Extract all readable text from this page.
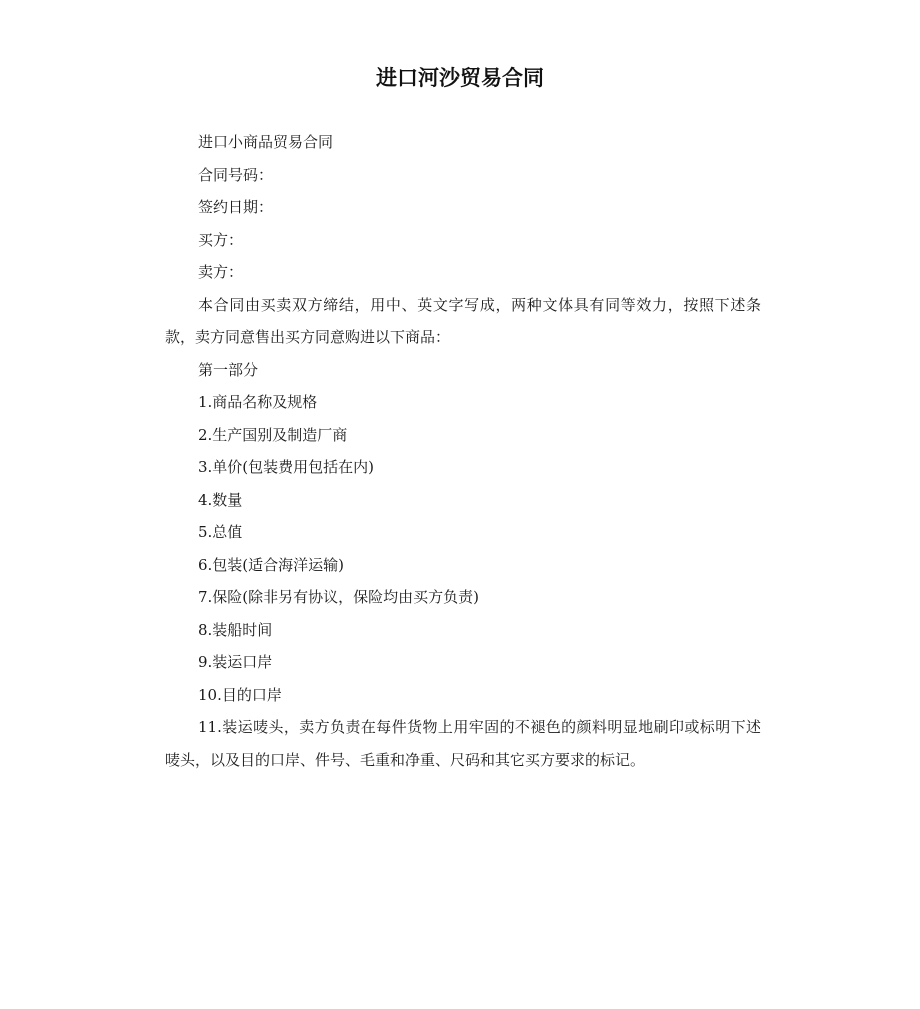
进口河沙贸易合同

进口小商品贸易合同

合同号码：

签约日期：

买方：

卖方：

本合同由买卖双方缔结，用中、英文字写成，两种文体具有同等效力，按照下述条款，卖方同意售出买方同意购进以下商品：

第一部分

1.商品名称及规格

2.生产国别及制造厂商

3.单价(包装费用包括在内)

4.数量

5.总值

6.包装(适合海洋运输)

7.保险(除非另有协议，保险均由买方负责)

8.装船时间

9.装运口岸

10.目的口岸

11.装运唛头，卖方负责在每件货物上用牢固的不褪色的颜料明显地刷印或标明下述唛头，以及目的口岸、件号、毛重和净重、尺码和其它买方要求的标记。
